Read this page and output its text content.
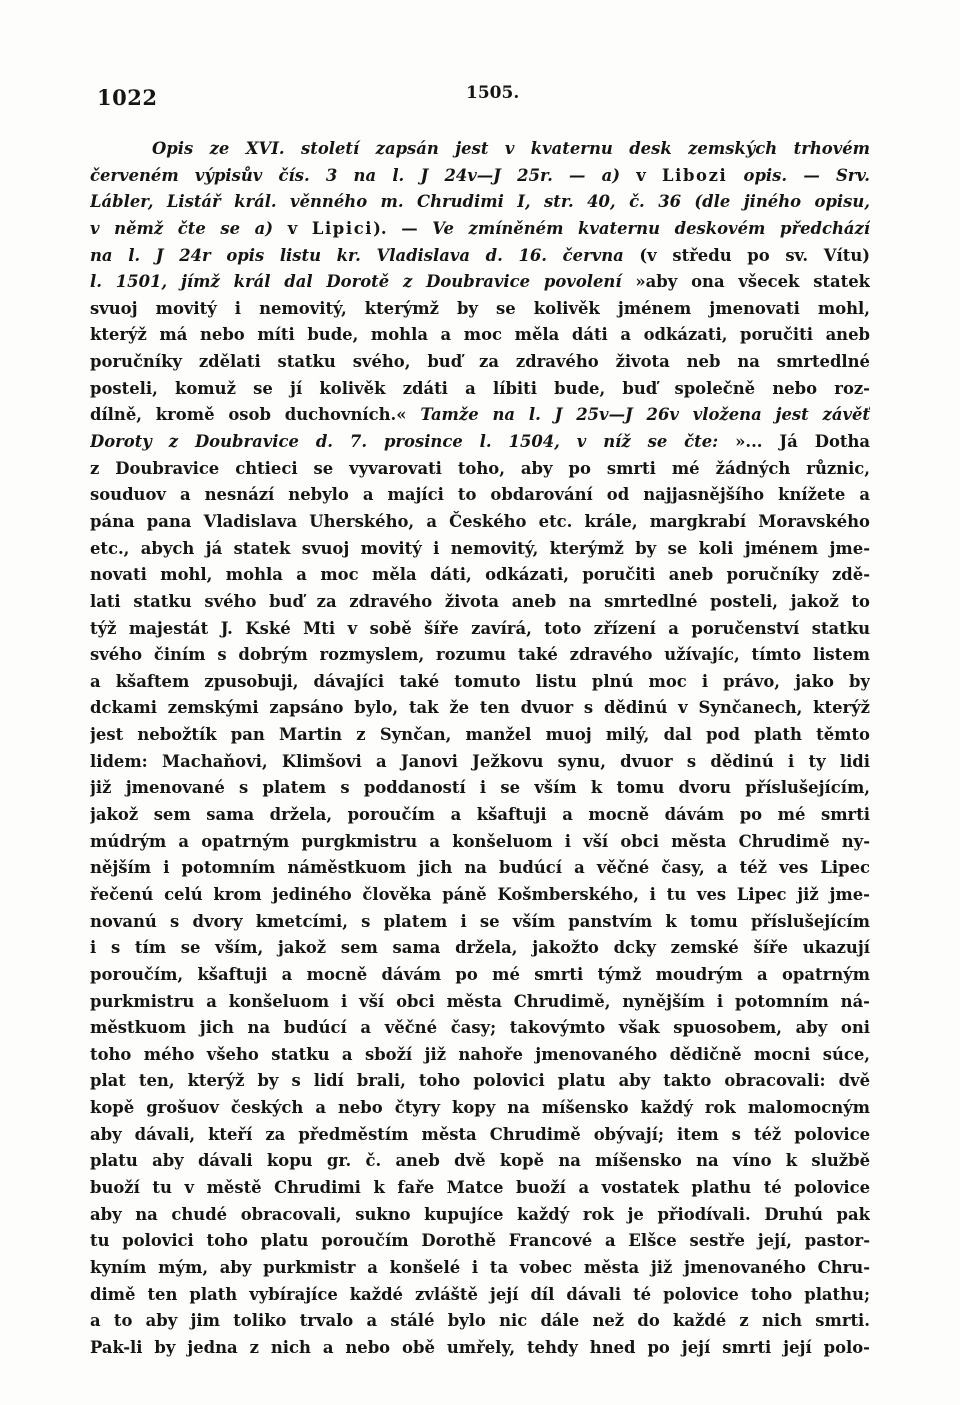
1022	1505.
Opis ze XVI. století zapsán jest v kvaternu desk zemských trhovém
červeném výpisův čís. 3 na l. J 24v—J 25r. — a) v Libozi opis. — Srv.
Lábler, Listář král. věnného m. Chrudimi I, str. 40, č. 36 (dle jiného opisu,
v němž čte se a) v Lipici). — Ve zmíněném kvaternu deskovém předchází
na l. J 24r opis listu kr. Vladislava d. 16. června (v středu po sv. Vítu)
l. 1501, jímž král dal Dorotě z Doubravice povolení »aby ona všecek statek
svuoj movitý i nemovitý, kterýmž by se kolivěk jménem jmenovati mohl,
kterýž má nebo míti bude, mohla a moc měla dáti a odkázati, poručiti aneb
poručníky zdělati statku svého, buď za zdravého života neb na smrtedlné
posteli, komuž se jí kolivěk zdáti a líbiti bude, buď společně nebo roz-
dílně, kromě osob duchovních.« Tamže na l. J 25v—J 26v vložena jest závěť
Doroty z Doubravice d. 7. prosince l. 1504, v níž se čte: »... Já Dotha
z Doubravice chtieci se vyvarovati toho, aby po smrti mé žádných různic,
souduov a nesnází nebylo a majíci to obdarování od najjasnějšího knížete a
pána pana Vladislava Uherského, a Českého etc. krále, margkrabí Moravského
etc., abych já statek svuoj movitý i nemovitý, kterýmž by se koli jménem jme-
novati mohl, mohla a moc měla dáti, odkázati, poručiti aneb poručníky zdě-
lati statku svého buď za zdravého života aneb na smrtedlné posteli, jakož to
týž majestát J. Kské Mti v sobě šíře zavírá, toto zřízení a poručenství statku
svého činím s dobrým rozmyslem, rozumu také zdravého užívajíc, tímto listem
a kšaftem zpusobuji, dávajíci také tomuto listu plnú moc i právo, jako by
dckami zemskými zapsáno bylo, tak že ten dvuor s dědinú v Synčanech, kterýž
jest nebožtík pan Martin z Synčan, manžel muoj milý, dal pod plath těmto
lidem: Machaňovi, Klimšovi a Janovi Ježkovu synu, dvuor s dědinú i ty lidi
již jmenované s platem s poddaností i se vším k tomu dvoru příslušejícím,
jakož sem sama držela, poroučím a kšaftuji a mocně dávám po mé smrti
múdrým a opatrným purgkmistru a konšeluom i vší obci města Chrudimě ny-
nějším i potomním náměstkuom jich na budúcí a věčné časy, a též ves Lipec
řečenú celú krom jediného člověka páně Košmberského, i tu ves Lipec již jme-
novanú s dvory kmetcími, s platem i se vším panstvím k tomu příslušejícím
i s tím se vším, jakož sem sama držela, jakožto dcky zemské šíře ukazují
poroučím, kšaftuji a mocně dávám po mé smrti týmž moudrým a opatrným
purkmistru a konšeluom i vší obci města Chrudimě, nynějším i potomním ná-
městkuom jich na budúcí a věčné časy; takovýmto však spuosobem, aby oni
toho mého všeho statku a sboží již nahoře jmenovaného dědičně mocni súce,
plat ten, kterýž by s lidí brali, toho polovici platu aby takto obracovali: dvě
kopě grošuov českých a nebo čtyry kopy na míšensko každý rok malomocným
aby dávali, kteří za předměstím města Chrudimě obývají; item s též polovice
platu aby dávali kopu gr. č. aneb dvě kopě na míšensko na víno k službě
buoží tu v městě Chrudimi k faře Matce buoží a vostatek plathu té polovice
aby na chudé obracovali, sukno kupujíce každý rok je přiodívali. Druhú pak
tu polovici toho platu poroučím Dorothě Francové a Elšce sestře její, pastor-
kyním mým, aby purkmistr a konšelé i ta vobec města již jmenovaného Chru-
dimě ten plath vybírajíce každé zvláště její díl dávali té polovice toho plathu;
a to aby jim toliko trvalo a stálé bylo nic dále než do každé z nich smrti.
Pak-li by jedna z nich a nebo obě umřely, tehdy hned po její smrti její polo-
